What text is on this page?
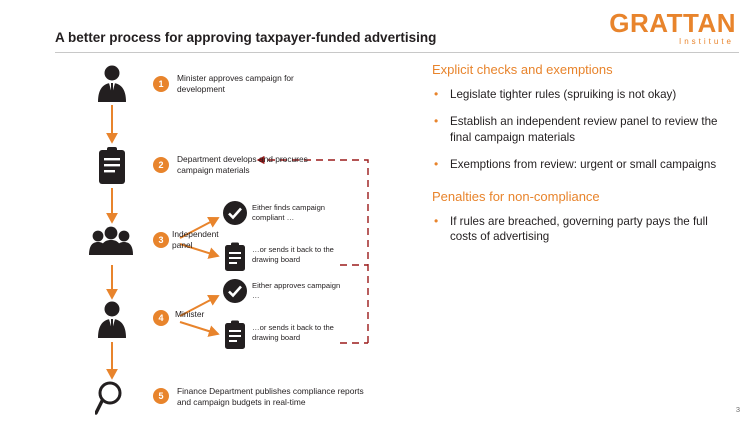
GRATTAN
Institute
A better process for approving taxpayer-funded advertising
1
Minister approves campaign for development
2
Department develops and procures campaign materials
3
Independent panel
Either finds campaign compliant …
…or sends it back to the drawing board
4	Minister
Either approves campaign …
…or sends it back to the drawing board
5	Finance Department publishes compliance reports and campaign budgets in real-time
Explicit checks and exemptions
• Legislate tighter rules (spruiking is not okay)
• Establish an independent review panel to review the final campaign materials
• Exemptions from review: urgent or small campaigns
Penalties for non-compliance
• If rules are breached, governing party pays the full costs of advertising
3
